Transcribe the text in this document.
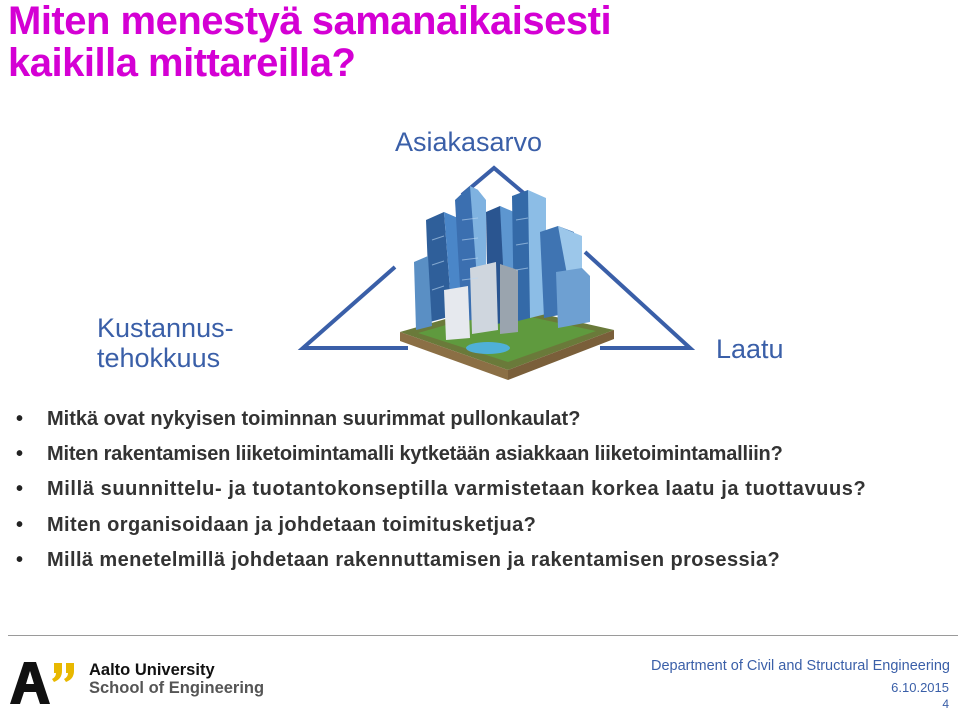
Miten menestyä samanaikaisesti
kaikilla mittareilla?
Asiakasarvo
Kustannus-
tehokkuus	Laatu
• Mitkä ovat nykyisen toiminnan suurimmat pullonkaulat?
• Miten rakentamisen liiketoimintamalli kytketään asiakkaan liiketoimintamalliin?
• Millä suunnittelu- ja tuotantokonseptilla varmistetaan korkea laatu ja tuottavuus?
• Miten organisoidaan ja johdetaan toimitusketjua?
• Millä menetelmillä johdetaan rakennuttamisen ja rakentamisen prosessia?
Aalto University
School of Engineering
Department of Civil and Structural Engineering
6.10.2015
4
